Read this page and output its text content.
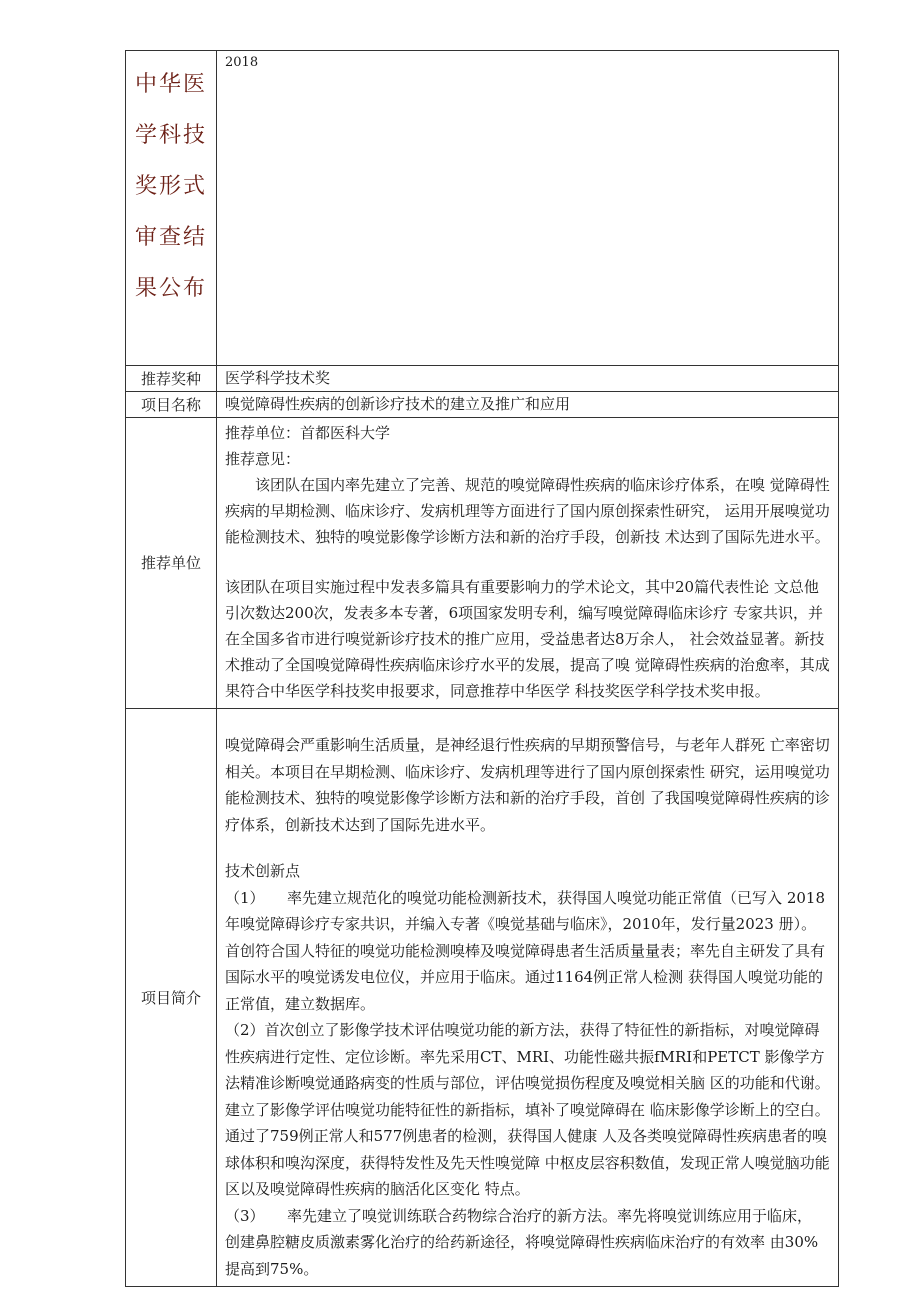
中华医学科技奖形式审查结果公布	2018

推荐奖种	医学科学技术奖
项目名称	嗅觉障碍性疾病的创新诊疗技术的建立及推广和应用
推荐单位	推荐单位：首都医科大学

推荐意见：

该团队在国内率先建立了完善、规范的嗅觉障碍性疾病的临床诊疗体系，在嗅 觉障碍性疾病的早期检测、临床诊疗、发病机理等方面进行了国内原创探索性研究， 运用开展嗅觉功能检测技术、独特的嗅觉影像学诊断方法和新的治疗手段，创新技 术达到了国际先进水平。

该团队在项目实施过程中发表多篇具有重要影响力的学术论文，其中20篇代表性论 文总他引次数达200次，发表多本专著，6项国家发明专利，编写嗅觉障碍临床诊疗 专家共识，并在全国多省市进行嗅觉新诊疗技术的推广应用，受益患者达8万余人， 社会效益显著。新技术推动了全国嗅觉障碍性疾病临床诊疗水平的发展，提高了嗅 觉障碍性疾病的治愈率，其成果符合中华医学科技奖申报要求，同意推荐中华医学 科技奖医学科学技术奖申报。

项目简介	嗅觉障碍会严重影响生活质量，是神经退行性疾病的早期预警信号，与老年人群死 亡率密切相关。本项目在早期检测、临床诊疗、发病机理等进行了国内原创探索性 研究，运用嗅觉功能检测技术、独特的嗅觉影像学诊断方法和新的治疗手段，首创 了我国嗅觉障碍性疾病的诊疗体系，创新技术达到了国际先进水平。

技术创新点

（1）　　率先建立规范化的嗅觉功能检测新技术，获得国人嗅觉功能正常值（已写入 2018 年嗅觉障碍诊疗专家共识，并编入专著《嗅觉基础与临床》，2010年，发行量2023 册）。首创符合国人特征的嗅觉功能检测嗅棒及嗅觉障碍患者生活质量量表；率先自主研发了具有国际水平的嗅觉诱发电位仪，并应用于临床。通过1164例正常人检测 获得国人嗅觉功能的正常值，建立数据库。

（2）首次创立了影像学技术评估嗅觉功能的新方法，获得了特征性的新指标，对嗅觉障碍性疾病进行定性、定位诊断。率先采用CT、MRI、功能性磁共振fMRI和PETCT 影像学方法精准诊断嗅觉通路病变的性质与部位，评估嗅觉损伤程度及嗅觉相关脑 区的功能和代谢。建立了影像学评估嗅觉功能特征性的新指标，填补了嗅觉障碍在 临床影像学诊断上的空白。通过了759例正常人和577例患者的检测，获得国人健康 人及各类嗅觉障碍性疾病患者的嗅球体积和嗅沟深度，获得特发性及先天性嗅觉障 中枢皮层容积数值，发现正常人嗅觉脑功能区以及嗅觉障碍性疾病的脑活化区变化 特点。

（3）　　率先建立了嗅觉训练联合药物综合治疗的新方法。率先将嗅觉训练应用于临床， 创建鼻腔糖皮质激素雾化治疗的给药新途径，将嗅觉障碍性疾病临床治疗的有效率 由30%提高到75%。
